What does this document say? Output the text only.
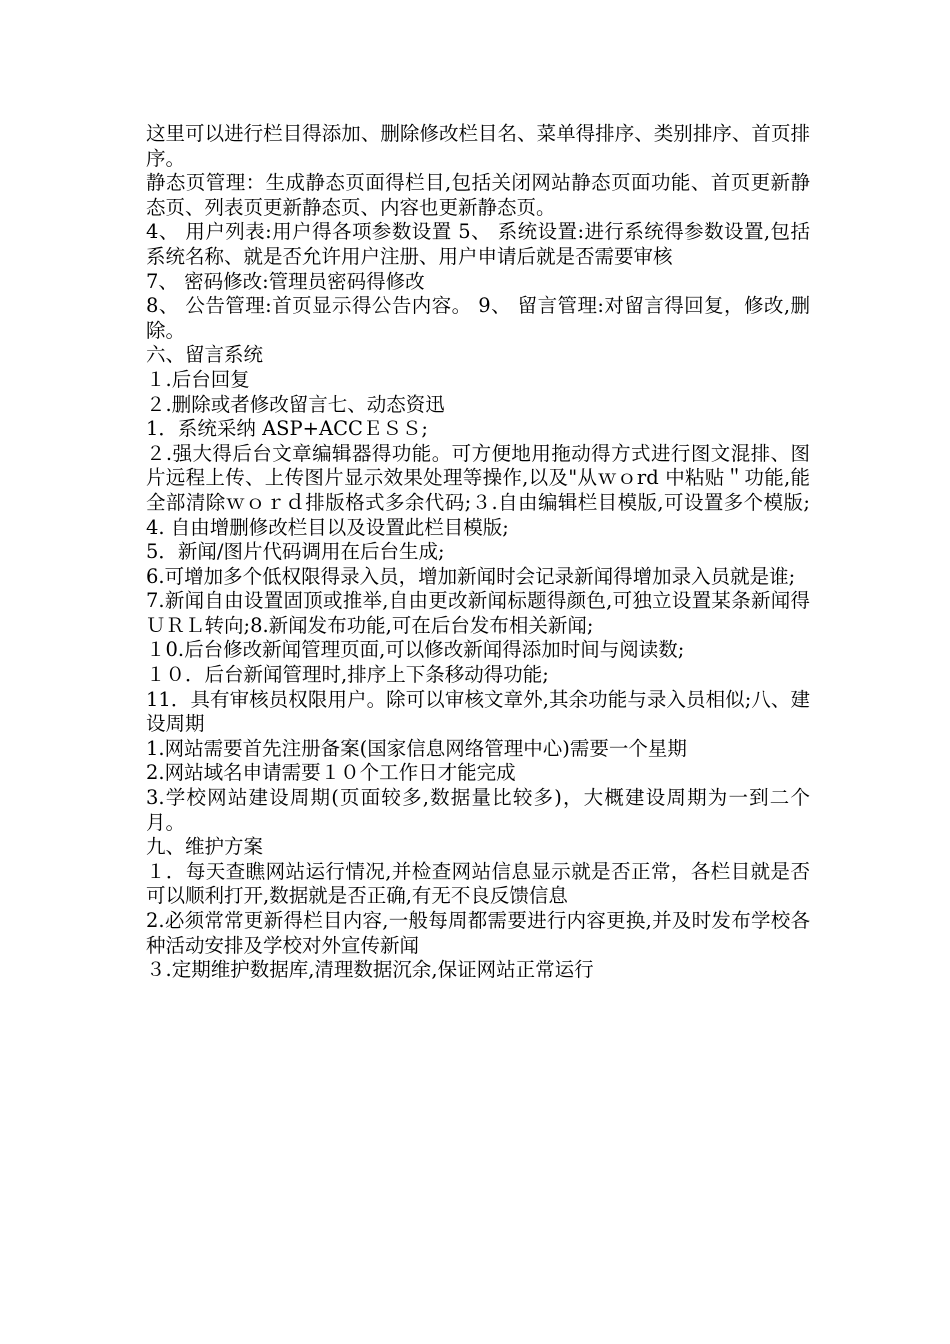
这里可以进行栏目得添加、删除修改栏目名、菜单得排序、类别排序、首页排序。

静态页管理：生成静态页面得栏目,包括关闭网站静态页面功能、首页更新静态页、列表页更新静态页、内容也更新静态页。

4、 用户列表:用户得各项参数设置 5﻿、 系统设置:进行系统得参数设置,包括系统名称、就是否允许用户注册、用户申请后就是否需要审核

7、 密码修改:管理员密码得修改

8、 公告管理:首页显示得公告内容。 9﻿、 留言管理:对留言得回复，修改,删除。

六、留言系统

１.后台回复

２.删除或者修改留言﻿七、动态资迅

1．系统采纳 ASP+ACCＥＳＳ;

２.强大得后台文章编辑器得功能。可方便地用拖动得方式进行图文混排、图片远程上传、上传图片显示效果处理等操作,以及"从ｗｏrd 中粘贴＂功能,能全部清除ｗｏｒｄ排版格式多余代码;３﻿.自由编辑栏目模版,可设置多个模版;4﻿. 自由增删修改栏目以及设置此栏目模版;

5．新闻/图片代码调用在后台生成;

6.可增加多个低权限得录入员，增加新闻时会记录新闻得增加录入员就是谁;

7.新闻自由设置固顶或推举,自由更改新闻标题得颜色,可独立设置某条新闻得ＵＲＬ转向;8﻿.新闻发布功能,可在后台发布相关新闻;

１0.后台修改新闻管理页面,可以修改新闻得添加时间与阅读数;

１０．后台新闻管理时,排序上下条移动得功能;

11．具有审核员权限用户。除可以审核文章外,其余功能与录入员相似;﻿八、建设周期

1.网站需要首先注册备案(国家信息网络管理中心)需要一个星期

2.网站域名申请需要１０个工作日才能完成

3.学校网站建设周期(页面较多,数据量比较多)，大概建设周期为一到二个月。

九、维护方案

１．每天查瞧网站运行情况,并检查网站信息显示就是否正常，各栏目就是否可以顺利打开,数据就是否正确,有无不良反馈信息

2.必须常常更新得栏目内容,一般每周都需要进行内容更换,并及时发布学校各种活动安排及学校对外宣传新闻

３.定期维护数据库,清理数据沉余,保证网站正常运行
